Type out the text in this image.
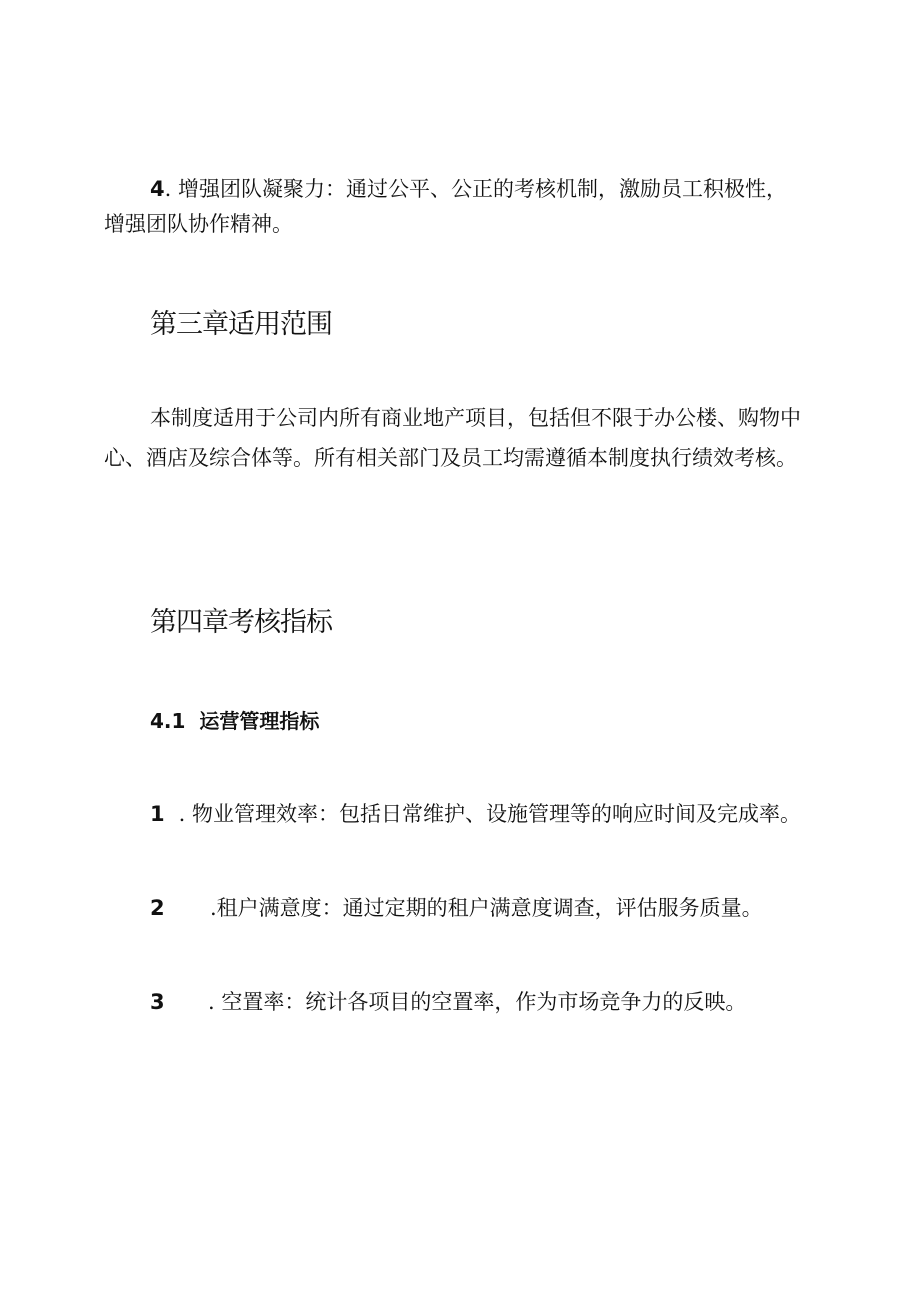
4. 增强团队凝聚力：通过公平、公正的考核机制，激励员工积极性，增强团队协作精神。
第三章适用范围
本制度适用于公司内所有商业地产项目，包括但不限于办公楼、购物中心、酒店及综合体等。所有相关部门及员工均需遵循本制度执行绩效考核。
第四章考核指标
4.1 运营管理指标
1 . 物业管理效率：包括日常维护、设施管理等的响应时间及完成率。
2 .租户满意度：通过定期的租户满意度调查，评估服务质量。
3 . 空置率：统计各项目的空置率，作为市场竞争力的反映。
